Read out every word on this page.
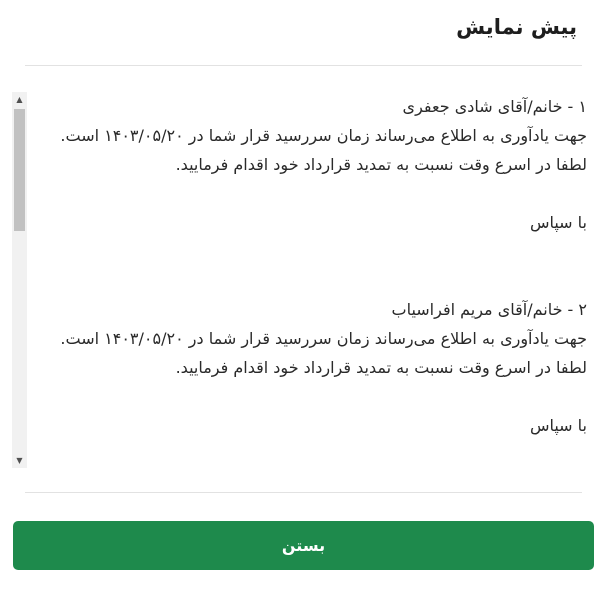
پیش نمایش
▲
▼
۱ - خانم/آقای شادی جعفری
جهت یادآوری به اطلاع می‌رساند زمان سررسید قرار شما در ۱۴۰۳/۰۵/۲۰ است.
لطفا در اسرع وقت نسبت به تمدید قرارداد خود اقدام فرمایید.
با سپاس
۲ - خانم/آقای مریم افراسیاب
جهت یادآوری به اطلاع می‌رساند زمان سررسید قرار شما در ۱۴۰۳/۰۵/۲۰ است.
لطفا در اسرع وقت نسبت به تمدید قرارداد خود اقدام فرمایید.
با سپاس
بستن
